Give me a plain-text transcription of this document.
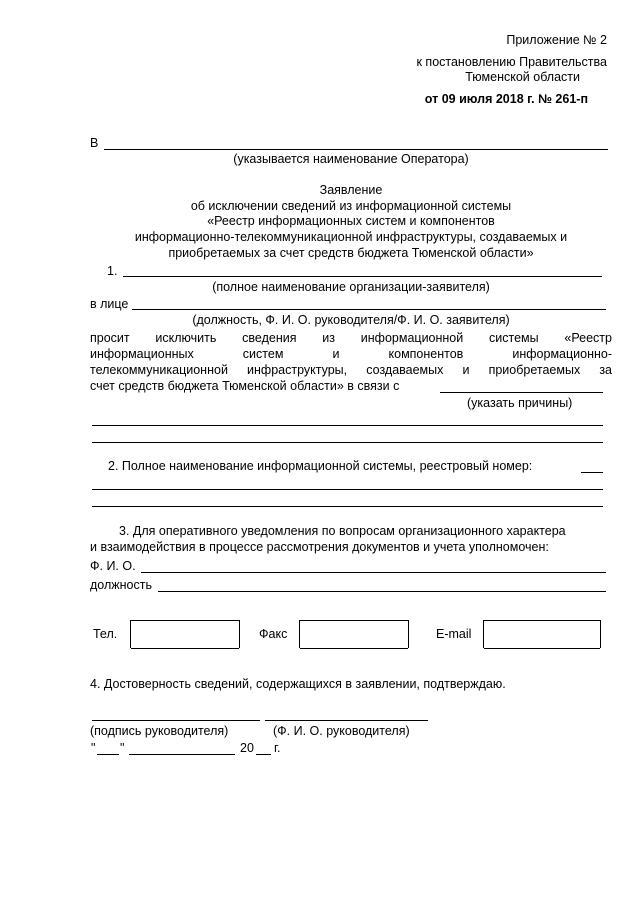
Приложение № 2
к постановлению Правительства
Тюменской области
от 09 июля 2018 г. № 261-п
В
(указывается наименование Оператора)
Заявление
об исключении сведений из информационной системы
«Реестр информационных систем и компонентов
информационно-телекоммуникационной инфраструктуры, создаваемых и
приобретаемых за счет средств бюджета Тюменской области»
1.
(полное наименование организации-заявителя)
в лице
(должность, Ф. И. О. руководителя/Ф. И. О. заявителя)
просит исключить сведения из информационной системы «Реестр
информационных систем и компонентов информационно-
телекоммуникационной инфраструктуры, создаваемых и приобретаемых за
счет средств бюджета Тюменской области» в связи с
(указать причины)
2. Полное наименование информационной системы, реестровый номер:
3. Для оперативного уведомления по вопросам организационного характера
и взаимодействия в процессе рассмотрения документов и учета уполномочен:
Ф. И. О.
должность
Тел.	Факс	E-mail
4. Достоверность сведений, содержащихся в заявлении, подтверждаю.
(подпись руководителя)	(Ф. И. О. руководителя)
" "	20 г.
